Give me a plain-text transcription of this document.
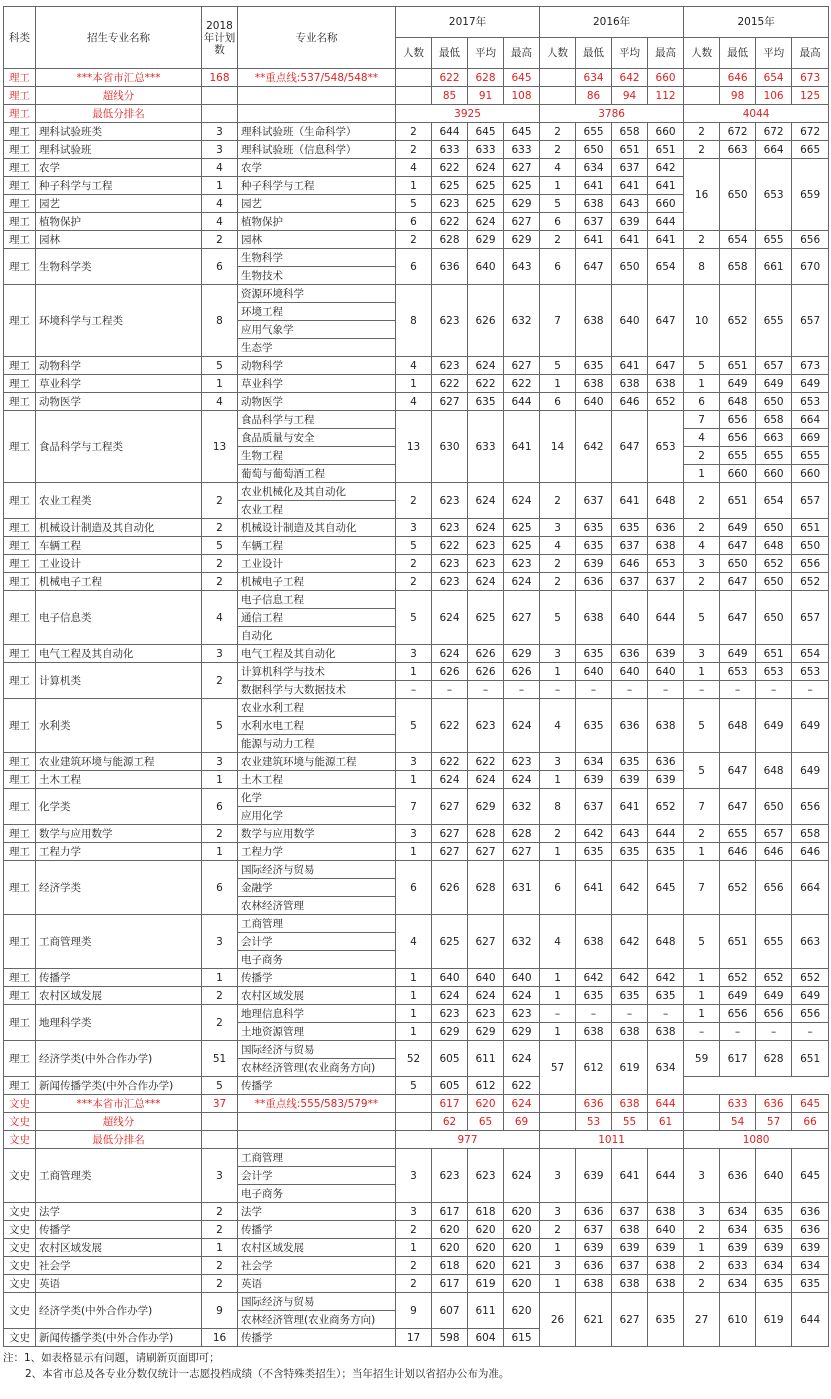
科类	招生专业名称	2018年计划数	专业名称	2017年				2016年				2015年			
				人数	最低	平均	最高	人数	最低	平均	最高	人数	最低	平均	最高
理工	***本省市汇总***	168	**重点线:537/548/548**		622	628	645		634	642	660		646	654	673
理工	超线分				85	91	108		86	94	112		98	106	125
理工	最低分排名			3925				3786				4044			
理工	理科试验班类	3	理科试验班（生命科学）	2	644	645	645	2	655	658	660	2	672	672	672
理工	理科试验班	3	理科试验班（信息科学）	2	633	633	633	2	650	651	651	2	663	664	665
理工	农学	4	农学	4	622	624	627	4	634	637	642	16	650	653	659
理工	种子科学与工程	1	种子科学与工程	1	625	625	625	1	641	641	641				
理工	园艺	4	园艺	5	623	625	629	5	638	643	660				
理工	植物保护	4	植物保护	6	622	624	627	6	637	639	644				
理工	园林	2	园林	2	628	629	629	2	641	641	641	2	654	655	656
理工	生物科学类	6	生物科学	6	636	640	643	6	647	650	654	8	658	661	670
			生物技术												
理工	环境科学与工程类	8	资源环境科学	8	623	626	632	7	638	640	647	10	652	655	657
			环境工程												
			应用气象学												
			生态学												
理工	动物科学	5	动物科学	4	623	624	627	5	635	641	647	5	651	657	673
理工	草业科学	1	草业科学	1	622	622	622	1	638	638	638	1	649	649	649
理工	动物医学	4	动物医学	4	627	635	644	6	640	646	652	6	648	650	653
理工	食品科学与工程类	13	食品科学与工程	13	630	633	641	14	642	647	653	7	656	658	664
			食品质量与安全									4	656	663	669
			生物工程									2	655	655	655
			葡萄与葡萄酒工程									1	660	660	660
理工	农业工程类	2	农业机械化及其自动化	2	623	624	624	2	637	641	648	2	651	654	657
			农业工程												
理工	机械设计制造及其自动化	2	机械设计制造及其自动化	3	623	624	625	3	635	635	636	2	649	650	651
理工	车辆工程	5	车辆工程	5	622	623	625	4	635	637	638	4	647	648	650
理工	工业设计	2	工业设计	2	623	623	623	2	639	646	653	3	650	652	656
理工	机械电子工程	2	机械电子工程	2	623	624	624	2	636	637	637	2	647	650	652
理工	电子信息类	4	电子信息工程	5	624	625	627	5	638	640	644	5	647	650	657
			通信工程												
			自动化												
理工	电气工程及其自动化	3	电气工程及其自动化	3	624	626	629	3	635	636	639	3	649	651	654
理工	计算机类	2	计算机科学与技术	1	626	626	626	1	640	640	640	1	653	653	653
			数据科学与大数据技术	–	–	–	–	–	–	–	–	–	–	–	–
理工	水利类	5	农业水利工程	5	622	623	624	4	635	636	638	5	648	649	649
			水利水电工程												
			能源与动力工程												
理工	农业建筑环境与能源工程	3	农业建筑环境与能源工程	3	622	622	623	3	634	635	636	5	647	648	649
理工	土木工程	1	土木工程	1	624	624	624	1	639	639	639				
理工	化学类	6	化学	7	627	629	632	8	637	641	652	7	647	650	656
			应用化学												
理工	数学与应用数学	2	数学与应用数学	3	627	628	628	2	642	643	644	2	655	657	658
理工	工程力学	1	工程力学	1	627	627	627	1	635	635	635	1	646	646	646
理工	经济学类	6	国际经济与贸易	6	626	628	631	6	641	642	645	7	652	656	664
			金融学												
			农林经济管理												
理工	工商管理类	3	工商管理	4	625	627	632	4	638	642	648	5	651	655	663
			会计学												
			电子商务												
理工	传播学	1	传播学	1	640	640	640	1	642	642	642	1	652	652	652
理工	农村区域发展	2	农村区域发展	1	624	624	624	1	635	635	635	1	649	649	649
理工	地理科学类	2	地理信息科学	1	623	623	623	–	–	–	–	1	656	656	656
			土地资源管理	1	629	629	629	1	638	638	638	–	–	–	–
理工	经济学类(中外合作办学)	51	国际经济与贸易	52	605	611	624	57	612	619	634	59	617	628	651
			农林经济管理(农业商务方向)												
理工	新闻传播学类(中外合作办学)	5	传播学	5	605	612	622								
文史	***本省市汇总***	37	**重点线:555/583/579**		617	620	624		636	638	644		633	636	645
文史	超线分				62	65	69		53	55	61		54	57	66
文史	最低分排名			977				1011				1080			
文史	工商管理类	3	工商管理	3	623	623	624	3	639	641	644	3	636	640	645
			会计学												
			电子商务												
文史	法学	2	法学	3	617	618	620	3	636	637	638	3	634	635	636
文史	传播学	2	传播学	2	620	620	620	2	637	638	640	2	634	635	636
文史	农村区域发展	1	农村区域发展	1	620	620	620	1	639	639	639	1	639	639	639
文史	社会学	2	社会学	2	618	620	621	3	636	637	638	2	633	634	634
文史	英语	2	英语	2	617	619	620	1	638	638	638	2	634	635	635
文史	经济学类(中外合作办学)	9	国际经济与贸易	9	607	611	620	26	621	627	635	27	610	619	644
			农林经济管理(农业商务方向)												
文史	新闻传播学类(中外合作办学)	16	传播学	17	598	604	615								
注：1、如表格显示有问题，请刷新页面即可；
2、本省市总及各专业分数仅统计一志愿投档成绩（不含特殊类招生）；当年招生计划以省招办公布为准。
